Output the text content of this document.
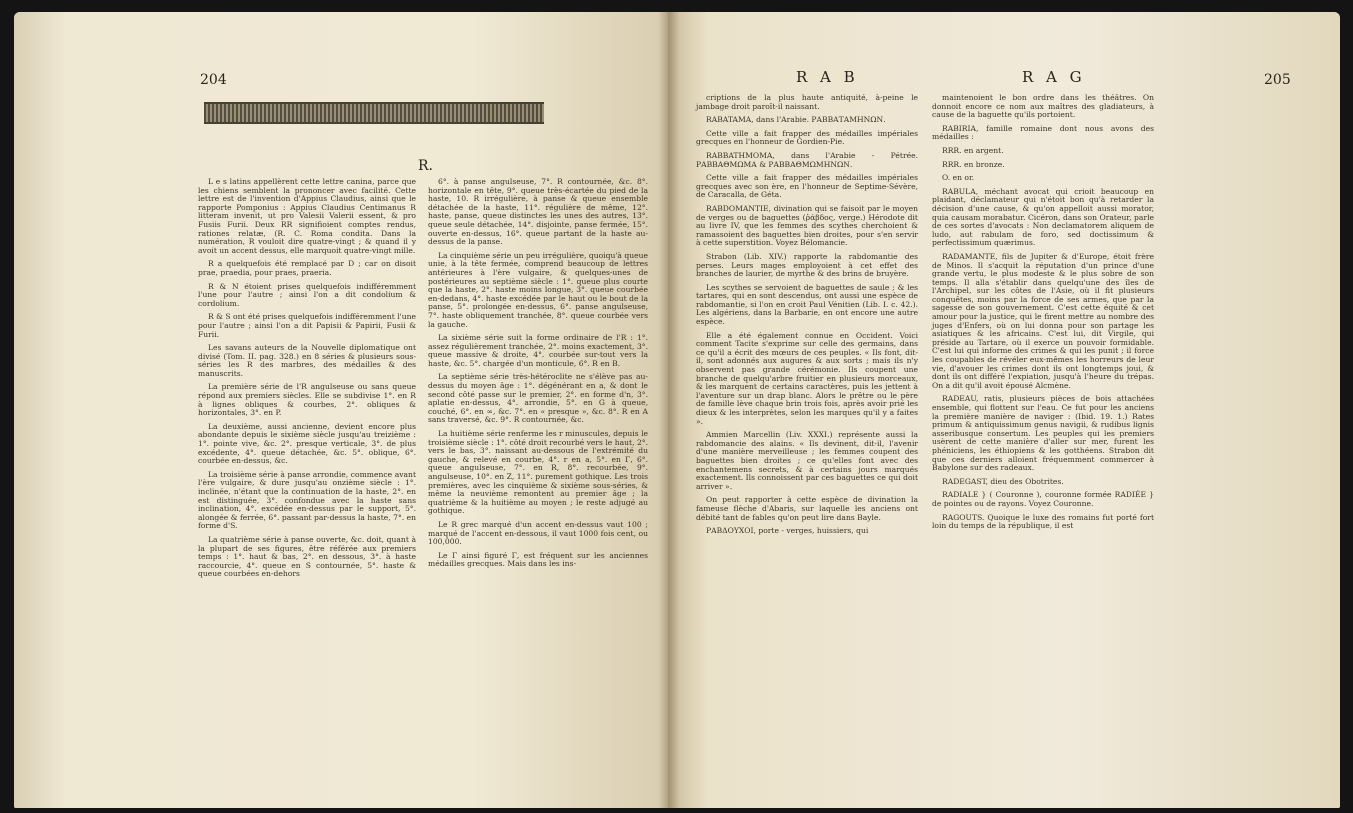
204
R.

L e s latins appellèrent cette lettre canina, parce que les chiens semblent la prononcer avec facilité. Cette lettre est de l'invention d'Appius Claudius, ainsi que le rapporte Pomponius : Appius Claudius Centimanus R litteram invenit, ut pro Valesii Valerii essent, & pro Fusiis Furii. Deux RR signifioient comptes rendus, rationes relatæ, (R. C. Roma condita. Dans la numération, R vouloit dire quatre-vingt ; & quand il y avoit un accent dessus, elle marquoit quatre-vingt mille.

R a quelquefois été remplacé par D ; car on disoit prae, praedia, pour praes, praeria.

R & N étoient prises quelquefois indifféremment l'une pour l'autre ; ainsi l'on a dit condolium & cordolium.

R & S ont été prises quelquefois indifféremment l'une pour l'autre ; ainsi l'on a dit Papisii & Papirii, Fusii & Furii.

Les savans auteurs de la Nouvelle diplomatique ont divisé (Tom. II. pag. 328.) en 8 séries & plusieurs sous-séries les R des marbres, des médailles & des manuscrits.

La première série de l'R angulseuse ou sans queue répond aux premiers siècles. Elle se subdivise 1°. en R à lignes obliques & courbes, 2°. obliques & horizontales, 3°. en P.

La deuxième, aussi ancienne, devient encore plus abondante depuis le sixième siècle jusqu'au treizième : 1°. pointe vive, &c. 2°. presque verticale, 3°. de plus excédente, 4°. queue détachée, &c. 5°. oblique, 6°. courbée en-dessus, &c.

La troisième série à panse arrondie, commence avant l'ère vulgaire, & dure jusqu'au onzième siècle : 1°. inclinée, n'étant que la continuation de la haste, 2°. en est distinguée, 3°. confondue avec la haste sans inclination, 4°. excédée en-dessus par le support, 5°. alongée & ferrée, 6°. passant par-dessus la haste, 7°. en forme d'S.

La quatrième série à panse ouverte, &c. doit, quant à la plupart de ses figures, être référée aux premiers temps : 1°. haut & bas, 2°. en dessous, 3°. à haste raccourcie, 4°. queue en S contournée, 5°. haste & queue courbées en-dehors

6°. à panse angulseuse, 7°. R contournée, &c. 8°. horizontale en tête, 9°. queue très-écartée du pied de la haste, 10. R irrégulière, à panse & queue ensemble détachée de la haste, 11°. régulière de même, 12°. haste, panse, queue distinctes les unes des autres, 13°. queue seule détachée, 14°. disjointe, panse fermée, 15°. ouverte en-dessus, 16°. queue partant de la haste au-dessus de la panse.

La cinquième série un peu irrégulière, quoiqu'à queue unie, à la tête fermée, comprend beaucoup de lettres antérieures à l'ère vulgaire, & quelques-unes de postérieures au septième siècle : 1°. queue plus courte que la haste, 2°. haste moins longue, 3°. queue courbée en-dedans, 4°. haste excédée par le haut ou le bout de la panse, 5°. prolongée en-dessus, 6°. panse angulseuse, 7°. haste obliquement tranchée, 8°. queue courbée vers la gauche.

La sixième série suit la forme ordinaire de l'R : 1°. assez régulièrement tranchée, 2°. moins exactement, 3°. queue massive & droite, 4°. courbée sur-tout vers la haste, &c. 5°. chargée d'un monticule, 6°. R en B.

La septième série très-hétéroclite ne s'élève pas au-dessus du moyen âge : 1°. dégénérant en a, & dont le second côté passe sur le premier, 2°. en forme d'n, 3°. aplatie en-dessus, 4°. arrondie, 5°. en G à queue, couché, 6°. en ∞, &c. 7°. en « presque », &c. 8°. R en A sans traversé, &c. 9°. R contournée, &c.

La huitième série renferme les r minuscules, depuis le troisième siècle : 1°. côté droit recourbé vers le haut, 2°. vers le bas, 3°. naissant au-dessous de l'extrémité du gauche, & relevé en courbe, 4°. r en a, 5°. en Γ, 6°. queue angulseuse, 7°. en R, 8°. recourbée, 9°. angulseuse, 10°. en Z, 11°. purement gothique. Les trois premières, avec les cinquième & sixième sous-séries, & même la neuvième remontent au premier âge ; la quatrième & la huitième au moyen ; le reste adjugé au gothique.

Le R grec marqué d'un accent en-dessus vaut 100 ; marqué de l'accent en-dessous, il vaut 1000 fois cent, ou 100,000.

Le Γ ainsi figuré Γ, est fréquent sur les anciennes médailles grecques. Mais dans les ins-

R A B	R A G	205

criptions de la plus haute antiquité, à-peine le jambage droit paroît-il naissant.

RABATAMA, dans l'Arabie. ΡΑΒΒΑΤΑΜΗΝΩΝ.

Cette ville a fait frapper des médailles impériales grecques en l'honneur de Gordien-Pie.

RABBATHMOMA, dans l'Arabie - Pétrée. ΡΑΒΒΑΘΜΩΜΑ & ΡΑΒΒΑΘΜΩΜΗΝΩΝ.

Cette ville a fait frapper des médailles impériales grecques avec son ère, en l'honneur de Septime-Sévère, de Caracalla, de Géta.

RABDOMANTIE, divination qui se faisoit par le moyen de verges ou de baguettes (ῥάβδος, verge.) Hérodote dit au livre IV, que les femmes des scythes cherchoient & ramassoient des baguettes bien droites, pour s'en servir à cette superstition. Voyez Bélomancie.

Strabon (Lib. XIV.) rapporte la rabdomantie des perses. Leurs mages employoient à cet effet des branches de laurier, de myrthe & des brins de bruyère.

Les scythes se servoient de baguettes de saule ; & les tartares, qui en sont descendus, ont aussi une espèce de rabdomantie, si l'on en croit Paul Vénitien (Lib. I. c. 42.). Les algériens, dans la Barbarie, en ont encore une autre espèce.

Elle a été également connue en Occident. Voici comment Tacite s'exprime sur celle des germains, dans ce qu'il a écrit des mœurs de ces peuples. « Ils font, dit-il, sont adonnés aux augures & aux sorts ; mais ils n'y observent pas grande cérémonie. Ils coupent une branche de quelqu'arbre fruitier en plusieurs morceaux, & les marquent de certains caractères, puis les jettent à l'aventure sur un drap blanc. Alors le prêtre ou le père de famille lève chaque brin trois fois, après avoir prié les dieux & les interprètes, selon les marques qu'il y a faites ».

Ammien Marcellin (Liv. XXXI.) représente aussi la rabdomancie des alains. « Ils devinent, dit-il, l'avenir d'une manière merveilleuse ; les femmes coupent des baguettes bien droites ; ce qu'elles font avec des enchantemens secrets, & à certains jours marqués exactement. Ils connoissent par ces baguettes ce qui doit arriver ».

On peut rapporter à cette espèce de divination la fameuse flèche d'Abaris, sur laquelle les anciens ont débité tant de fables qu'on peut lire dans Bayle.

ΡΑΒΔΟΥΧΟΙ, porte - verges, huissiers, qui

maintenoient le bon ordre dans les théâtres. On donnoit encore ce nom aux maîtres des gladiateurs, à cause de la baguette qu'ils portoient.

RABIRIA, famille romaine dont nous avons des médailles :

RRR. en argent.

RRR. en bronze.

O. en or.

RABULA, méchant avocat qui crioit beaucoup en plaidant, déclamateur qui n'étoit bon qu'à retarder la décision d'une cause, & qu'on appelloit aussi morator, quia causam morabatur. Cicéron, dans son Orateur, parle de ces sortes d'avocats : Non declamatorem aliquem de ludo, aut rabulam de foro, sed doctissimum & perfectissimum quærimus.

RADAMANTE, fils de Jupiter & d'Europe, étoit frère de Minos. Il s'acquit la réputation d'un prince d'une grande vertu, le plus modeste & le plus sobre de son temps. Il alla s'établir dans quelqu'une des îles de l'Archipel, sur les côtes de l'Asie, où il fit plusieurs conquêtes, moins par la force de ses armes, que par la sagesse de son gouvernement. C'est cette équité & cet amour pour la justice, qui le firent mettre au nombre des juges d'Enfers, où on lui donna pour son partage les asiatiques & les africains. C'est lui, dit Virgile, qui préside au Tartare, où il exerce un pouvoir formidable. C'est lui qui informe des crimes & qui les punit ; il force les coupables de révéler eux-mêmes les horreurs de leur vie, d'avouer les crimes dont ils ont longtemps joui, & dont ils ont différé l'expiation, jusqu'à l'heure du trépas. On a dit qu'il avoit épousé Alcmène.

RADEAU, ratis, plusieurs pièces de bois attachées ensemble, qui flottent sur l'eau. Ce fut pour les anciens la première manière de naviger : (Ibid. 19. 1.) Rates primum & antiquissimum genus navigii, & rudibus lignis asseribusque consertum. Les peuples qui les premiers usèrent de cette manière d'aller sur mer, furent les phéniciens, les éthiopiens & les gotthéens. Strabon dit que ces derniers alloient fréquemment commercer à Babylone sur des radeaux.

RADEGAST, dieu des Obotrites.

RADIALE } ( Couronne ), couronne formée RADIÉE } de pointes ou de rayons. Voyez Couronne.

RAGOUTS. Quoique le luxe des romains fut porté fort loin du temps de la république, il est
